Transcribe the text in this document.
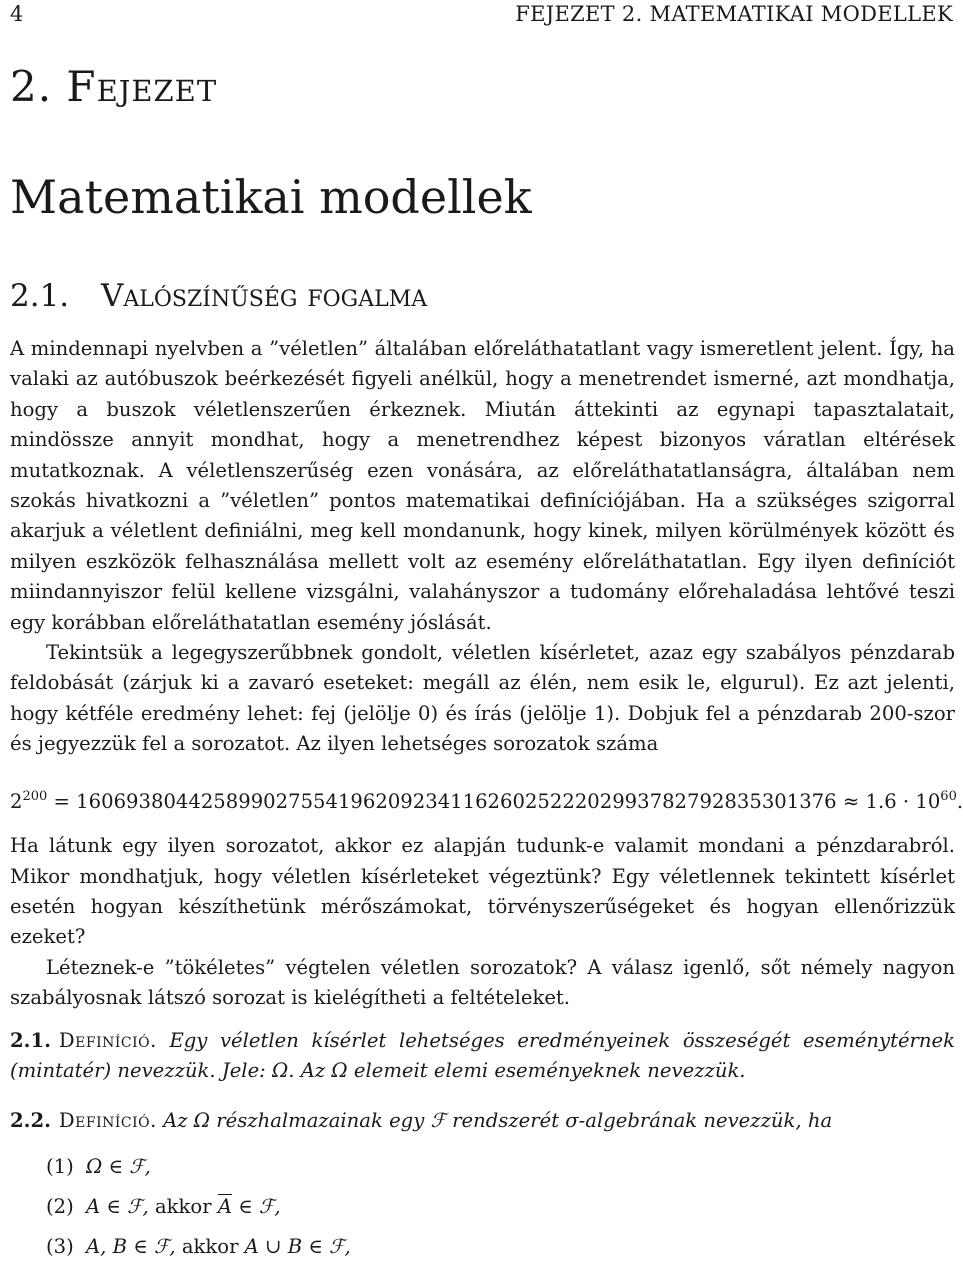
4	FEJEZET 2. MATEMATIKAI MODELLEK
2. Fejezet
Matematikai modellek
2.1. Valószínűség fogalma

A mindennapi nyelvben a ”véletlen” általában előreláthatatlant vagy ismeretlent jelent. Így, ha valaki az autóbuszok beérkezését figyeli anélkül, hogy a menetrendet ismerné, azt mondhatja, hogy a buszok véletlenszerűen érkeznek. Miután áttekinti az egynapi tapasztalatait, mindössze annyit mondhat, hogy a menetrendhez képest bizonyos váratlan eltérések mutatkoznak. A véletlenszerűség ezen vonására, az előreláthatatlanságra, általában nem szokás hivatkozni a ”véletlen” pontos matematikai definíciójában. Ha a szükséges szigorral akarjuk a véletlent definiálni, meg kell mondanunk, hogy kinek, milyen körülmények között és milyen eszközök felhasználása mellett volt az esemény előreláthatatlan. Egy ilyen definíciót miindannyiszor felül kellene vizsgálni, valahányszor a tudomány előrehaladása lehtővé teszi egy korábban előreláthatatlan esemény jóslását.

Tekintsük a legegyszerűbbnek gondolt, véletlen kísérletet, azaz egy szabályos pénzdarab feldobását (zárjuk ki a zavaró eseteket: megáll az élén, nem esik le, elgurul). Ez azt jelenti, hogy kétféle eredmény lehet: fej (jelölje 0) és írás (jelölje 1). Dobjuk fel a pénzdarab 200-szor és jegyezzük fel a sorozatot. Az ilyen lehetséges sorozatok száma

$2^{200} = 1606938044258990275541962092341162602522202993782792835301376 \approx 1.6 \cdot 10^{60}$.

Ha látunk egy ilyen sorozatot, akkor ez alapján tudunk-e valamit mondani a pénzdarabról. Mikor mondhatjuk, hogy véletlen kísérleteket végeztünk? Egy véletlennek tekintett kísérlet esetén hogyan készíthetünk mérőszámokat, törvényszerűségeket és hogyan ellenőrizzük ezeket?

Léteznek-e ”tökéletes” végtelen véletlen sorozatok? A válasz igenlő, sőt némely nagyon szabályosnak látszó sorozat is kielégítheti a feltételeket.

2.1. Definíció. Egy véletlen kísérlet lehetséges eredményeinek összeségét eseménytérnek (mintatér) nevezzük. Jele: Ω. Az Ω elemeit elemi eseményeknek nevezzük.
2.2. Definíció. Az Ω részhalmazainak egy ℱ rendszerét σ-algebrának nevezzük, ha
(1) Ω ∈ ℱ,
(2) A ∈ ℱ, akkor $\overline{A}$ ∈ ℱ,
(3) A, B ∈ ℱ, akkor A ∪ B ∈ ℱ,
